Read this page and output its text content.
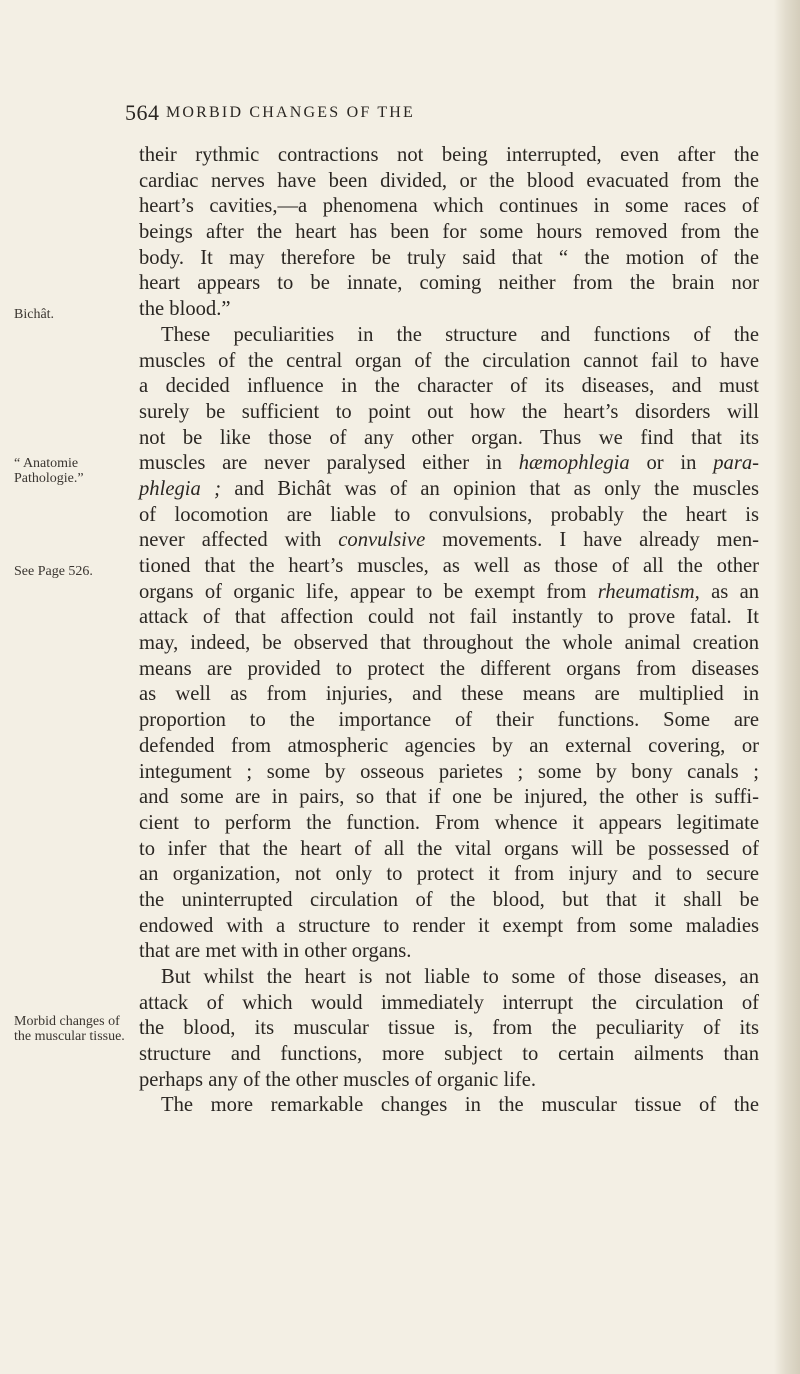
564 MORBID CHANGES OF THE
Bichât.
“ Anatomie Pathologie.”
See Page 526.
Morbid changes of the muscular tissue.
their rythmic contractions not being interrupted, even after the
cardiac nerves have been divided, or the blood evacuated from the
heart’s cavities,—a phenomena which continues in some races of
beings after the heart has been for some hours removed from the
body. It may therefore be truly said that “ the motion of the
heart appears to be innate, coming neither from the brain nor
the blood.”
These peculiarities in the structure and functions of the
muscles of the central organ of the circulation cannot fail to have
a decided influence in the character of its diseases, and must
surely be sufficient to point out how the heart’s disorders will
not be like those of any other organ. Thus we find that its
muscles are never paralysed either in hæmophlegia or in para-
phlegia ; and Bichât was of an opinion that as only the muscles
of locomotion are liable to convulsions, probably the heart is
never affected with convulsive movements. I have already men-
tioned that the heart’s muscles, as well as those of all the other
organs of organic life, appear to be exempt from rheumatism, as an
attack of that affection could not fail instantly to prove fatal. It
may, indeed, be observed that throughout the whole animal creation
means are provided to protect the different organs from diseases
as well as from injuries, and these means are multiplied in
proportion to the importance of their functions. Some are
defended from atmospheric agencies by an external covering, or
integument ; some by osseous parietes ; some by bony canals ;
and some are in pairs, so that if one be injured, the other is suffi-
cient to perform the function. From whence it appears legitimate
to infer that the heart of all the vital organs will be possessed of
an organization, not only to protect it from injury and to secure
the uninterrupted circulation of the blood, but that it shall be
endowed with a structure to render it exempt from some maladies
that are met with in other organs.
But whilst the heart is not liable to some of those diseases, an
attack of which would immediately interrupt the circulation of
the blood, its muscular tissue is, from the peculiarity of its
structure and functions, more subject to certain ailments than
perhaps any of the other muscles of organic life.
The more remarkable changes in the muscular tissue of the
